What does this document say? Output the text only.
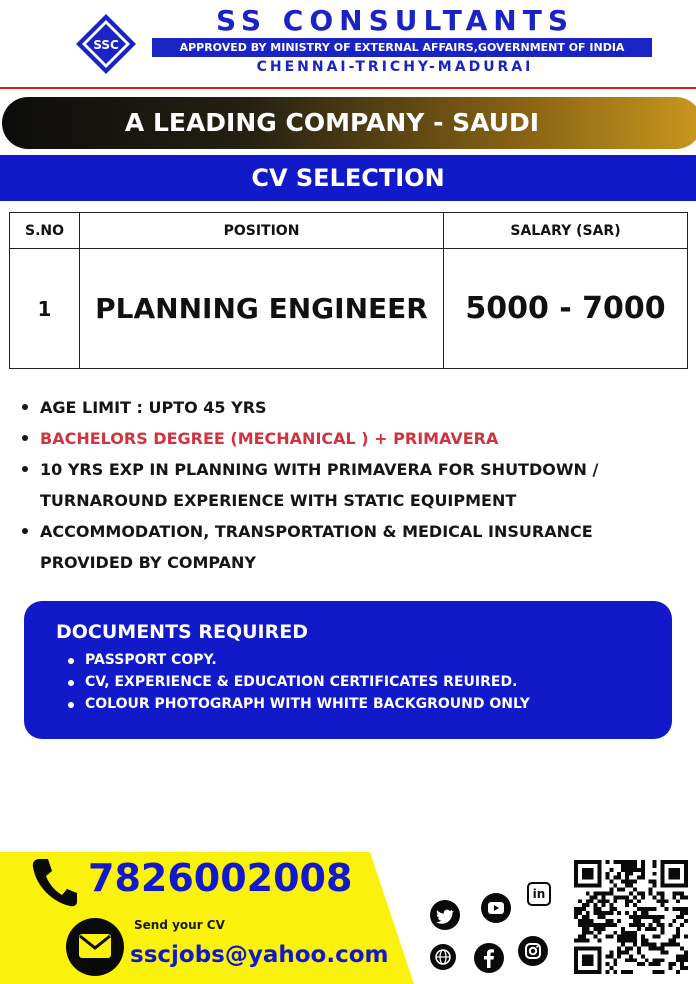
SSC
SS CONSULTANTS
APPROVED BY MINISTRY OF EXTERNAL AFFAIRS,GOVERNMENT OF INDIA
CHENNAI-TRICHY-MADURAI
A LEADING COMPANY - SAUDI
CV SELECTION
S.NO	POSITION	SALARY (SAR)
1	PLANNING ENGINEER	5000 - 7000
AGE LIMIT : UPTO 45 YRS
BACHELORS DEGREE (MECHANICAL ) + PRIMAVERA
10 YRS EXP IN PLANNING WITH PRIMAVERA FOR SHUTDOWN / TURNAROUND EXPERIENCE WITH STATIC EQUIPMENT
ACCOMMODATION, TRANSPORTATION & MEDICAL INSURANCE PROVIDED BY COMPANY
DOCUMENTS REQUIRED
PASSPORT COPY.
CV, EXPERIENCE & EDUCATION CERTIFICATES REUIRED.
COLOUR PHOTOGRAPH WITH WHITE BACKGROUND ONLY
7826002008
Send your CV
sscjobs@yahoo.com
in
